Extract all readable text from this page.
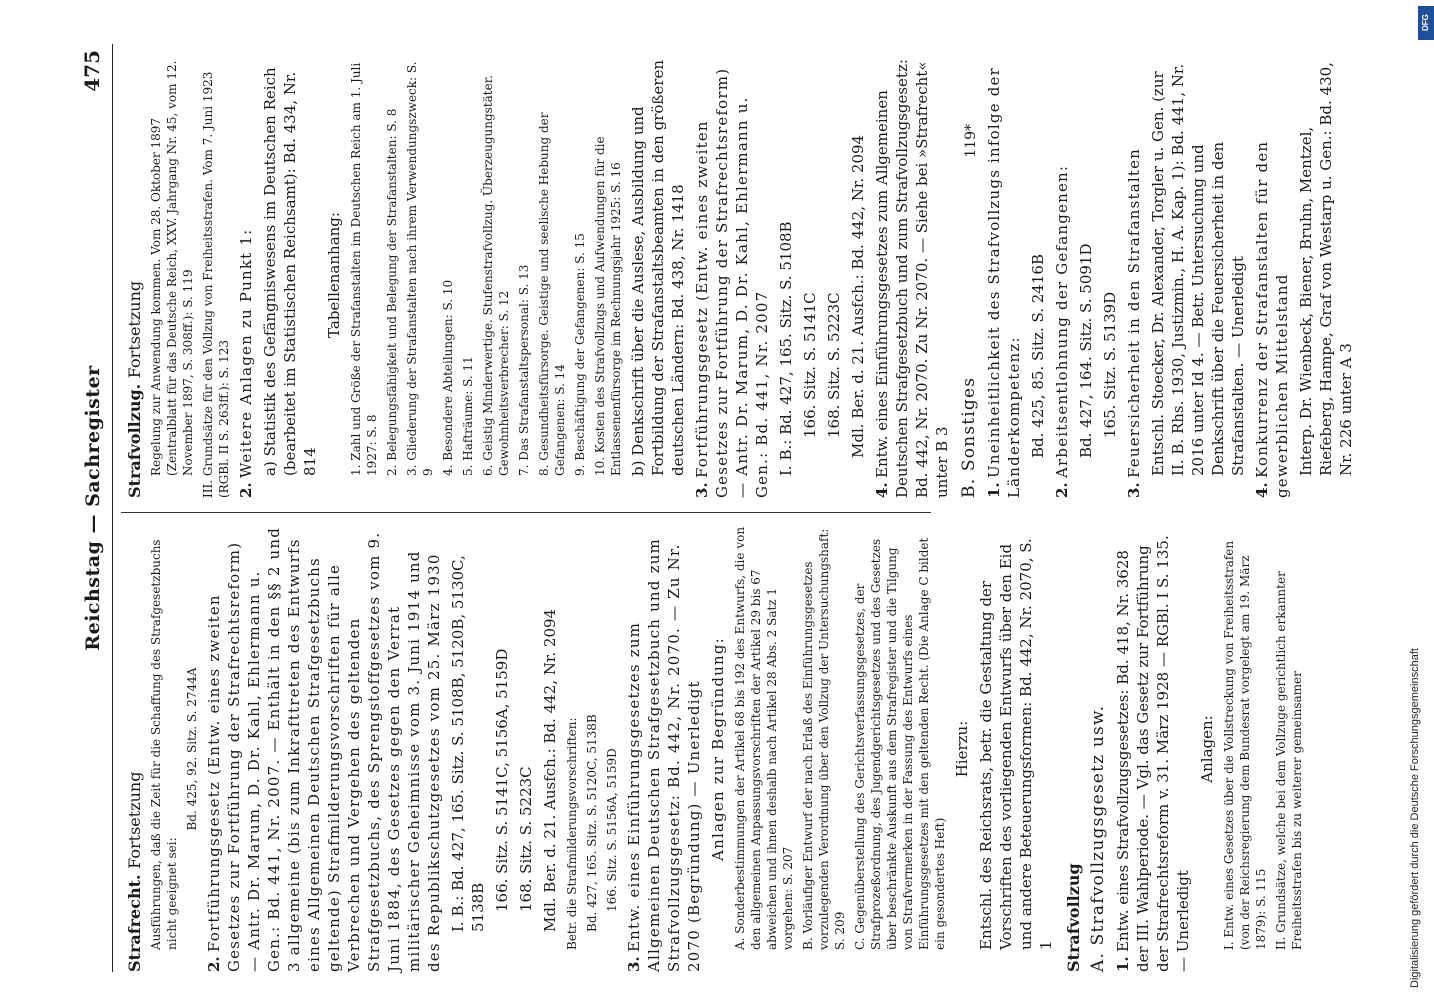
Reichstag — Sachregister
475
Strafrecht. Fortsetzung Ausführungen, daß die Zeit für die Schaffung des Strafgesetzbuchs nicht geeignet sei:
Bd. 425, 92. Sitz. S. 2744A
2.Fortführungsgesetz (Entw. eines zweiten Gesetzes zur Fortführung der Strafrechtsreform) — Antr. Dr. Marum, D. Dr. Kahl, Ehlermann u. Gen.: Bd. 441, Nr. 2007. — Enthält in den §§ 2 und 3 allgemeine (bis zum Inkrafttreten des Entwurfs eines Allgemeinen Deutschen Strafgesetzbuchs geltende) Strafmilderungsvorschriften für alle Verbrechen und Vergehen des geltenden Strafgesetzbuchs, des Sprengstoffgesetzes vom 9. Juni 1884, des Gesetzes gegen den Verrat militärischer Geheimnisse vom 3. Juni 1914 und des Republikschutzgesetzes vom 25. März 1930 I. B.: Bd. 427, 165. Sitz. S. 5108B, 5120B, 5130C, 5138B 166. Sitz. S. 5141C, 5156A, 5159D 168. Sitz. S. 5223C Mdl. Ber. d. 21. Ausfch.: Bd. 442, Nr. 2094 Betr. die Strafmilderungsvorschriften: Bd. 427, 165. Sitz. S. 5120C, 5138B 166. Sitz. S. 5156A, 5159D
3.Entw. eines Einführungsgesetzes zum Allgemeinen Deutschen Strafgesetzbuch und zum Strafvollzugsgesetz: Bd. 442, Nr. 2070. — Zu Nr. 2070 (Begründung) — Unerledigt Anlagen zur Begründung: A. Sonderbestimmungen der Artikel 68 bis 192 des Entwurfs, die von den allgemeinen Anpassungsvorschriften der Artikel 29 bis 67 abweichen und ihnen deshalb nach Artikel 28 Abs. 2 Satz 1 vorgehen: S. 207 B. Vorläufiger Entwurf der nach Erlaß des Einführungsgesetzes vorzulegenden Verordnung über den Vollzug der Untersuchungshaft: S. 209 C. Gegenüberstellung des Gerichtsverfassungsgesetzes, der Strafprozeßordnung, des Jugendgerichtsgesetzes und des Gesetzes über beschränkte Auskunft aus dem Strafregister und die Tilgung von Strafvermerken in der Fassung des Entwurfs eines Einführungsgesetzes mit den geltenden Recht. (Die Anlage C bildet ein gesondertes Heft)
Hierzu: Entschl. des Reichsrats, betr. die Gestaltung der Vorschriften des vorliegenden Entwurfs über den Eid und andere Beteuerungsformen: Bd. 442, Nr. 2070, S. 1 Strafvollzug A. Strafvollzugsgesetz usw. 1.Entw. eines Strafvollzugsgesetzes: Bd. 418, Nr. 3628 der III. Wahlperiode. — Vgl. das Gesetz zur Fortführung der Strafrechtsreform v. 31. März 1928 — RGBl. I S. 135. — Unerledigt
Anlagen: I. Entw. eines Gesetzes über die Vollstreckung von Freiheitsstrafen (von der Reichsregierung dem Bundesrat vorgelegt am 19. März 1879): S. 115 II. Grundsätze, welche bei dem Vollzuge gerichtlich erkannter Freiheitsstrafen bis zu weiterer gemeinsamer
Strafvollzug. Fortsetzung Regelung zur Anwendung kommen. Vom 28. Oktober 1897 (Zentralblatt für das Deutsche Reich, XXV. Jahrgang Nr. 45, vom 12. November 1897, S. 308ff.): S. 119 III. Grundsätze für den Vollzug von Freiheitsstrafen. Vom 7. Juni 1923 (RGBl. II S. 263ff.): S. 123 2.Weitere Anlagen zu Punkt 1: a) Statistik des Gefängniswesens im Deutschen Reich (bearbeitet im Statistischen Reichsamt): Bd. 434, Nr. 814
Tabellenanhang: 1. Zahl und Größe der Strafanstalten im Deutschen Reich am 1. Juli 1927: S. 8 2. Belegungsfähigkeit und Belegung der Strafanstalten: S. 8 3. Gliederung der Strafanstalten nach ihrem Verwendungszweck: S. 9 4. Besondere Abteilungen: S. 10 5. Hafträume: S. 11 6. Geistig Minderwertige. Stufenstrafvollzug. Überzeugungstäter. Gewohnheitsverbrecher: S. 12 7. Das Strafanstaltspersonal: S. 13 8. Gesundheitsfürsorge. Geistige und seelische Hebung der Gefangenen: S. 14 9. Beschäftigung der Gefangenen: S. 15 10. Kosten des Strafvollzugs und Aufwendungen für die Entlassenenfürsorge im Rechnungsjahr 1925: S. 16 b) Denkschrift über die Auslese, Ausbildung und Fortbildung der Strafanstaltsbeamten in den größeren deutschen Ländern: Bd. 438, Nr. 1418
3.Fortführungsgesetz (Entw. eines zweiten Gesetzes zur Fortführung der Strafrechtsreform) — Antr. Dr. Marum, D. Dr. Kahl, Ehlermann u. Gen.: Bd. 441, Nr. 2007 I. B.: Bd. 427, 165. Sitz. S. 5108B 166. Sitz. S. 5141C 168. Sitz. S. 5223C Mdl. Ber. d. 21. Ausfch.: Bd. 442, Nr. 2094
4.Entw. eines Einführungsgesetzes zum Allgemeinen Deutschen Strafgesetzbuch und zum Strafvollzugsgesetz: Bd. 442, Nr. 2070. Zu Nr. 2070. — Siehe bei »Strafrecht« unter B 3 B. Sonstiges 1.Uneinheitlichkeit des Strafvollzugs infolge der Länderkompetenz: Bd. 425, 85. Sitz. S. 2416B
2.Arbeitsentlohnung der Gefangenen: Bd. 427, 164. Sitz. S. 5091D 165. Sitz. S. 5139D
3.Feuersicherheit in den Strafanstalten Entschl. Stoecker, Dr. Alexander, Torgler u. Gen. (zur II. B. Rhs. 1930, Justizmin., H. A. Kap. 1): Bd. 441, Nr. 2016 unter Id 4. — Betr. Untersuchung und Denkschrift über die Feuersicherheit in den Strafanstalten. — Unerledigt
4.Konkurrenz der Strafanstalten für den gewerblichen Mittelstand Interp. Dr. Wienbeck, Biener, Bruhn, Mentzel, Riefeberg, Hampe, Graf von Westarp u. Gen.: Bd. 430, Nr. 226 unter A 3
119*
Digitalisierung gefördert durch die Deutsche Forschungsgemeinschaft
DFG
